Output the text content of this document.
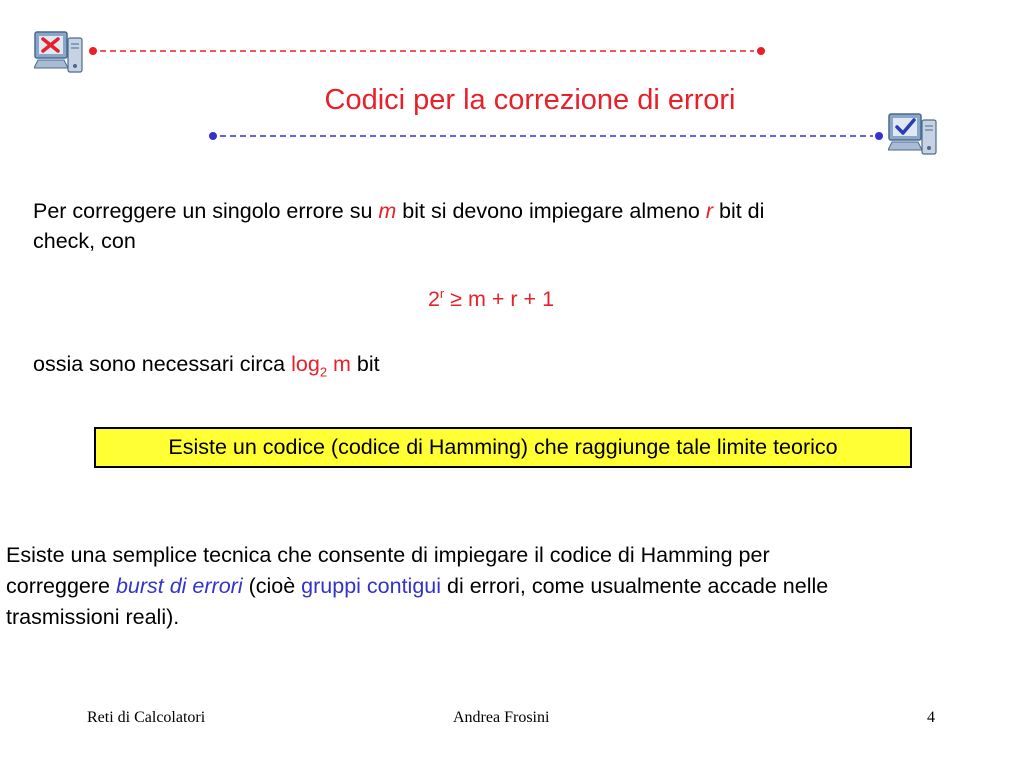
Codici per la correzione di errori
Per correggere un singolo errore su m bit si devono impiegare almeno r bit di
check, con
$2^r \ge m + r + 1$
ossia sono necessari circa $\log_2 m$ bit
Esiste un codice (codice di Hamming) che raggiunge tale limite teorico
Esiste una semplice tecnica che consente di impiegare il codice di Hamming per
correggere burst di errori (cioè gruppi contigui di errori, come usualmente accade nelle
trasmissioni reali).
Reti di Calcolatori	Andrea Frosini	4
